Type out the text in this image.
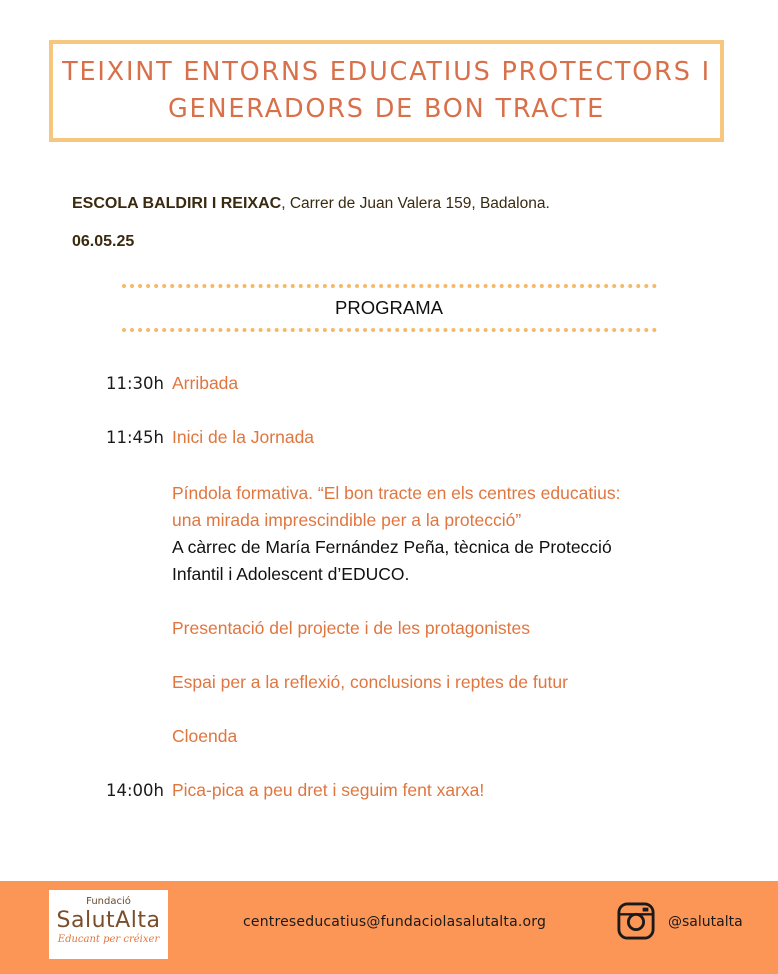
TEIXINT ENTORNS EDUCATIUS PROTECTORS I
GENERADORS DE BON TRACTE
ESCOLA BALDIRI I REIXAC, Carrer de Juan Valera 159, Badalona.
06.05.25
PROGRAMA
11:30h Arribada
11:45h Inici de la Jornada
Píndola formativa. “El bon tracte en els centres educatius:
una mirada imprescindible per a la protecció”
A càrrec de María Fernández Peña, tècnica de Protecció
Infantil i Adolescent d’EDUCO.
Presentació del projecte i de les protagonistes
Espai per a la reflexió, conclusions i reptes de futur
Cloenda
14:00h Pica-pica a peu dret i seguim fent xarxa!
Fundació
SalutAlta
Educant per créixer
centreseducatius@fundaciolasalutalta.org	@salutalta
